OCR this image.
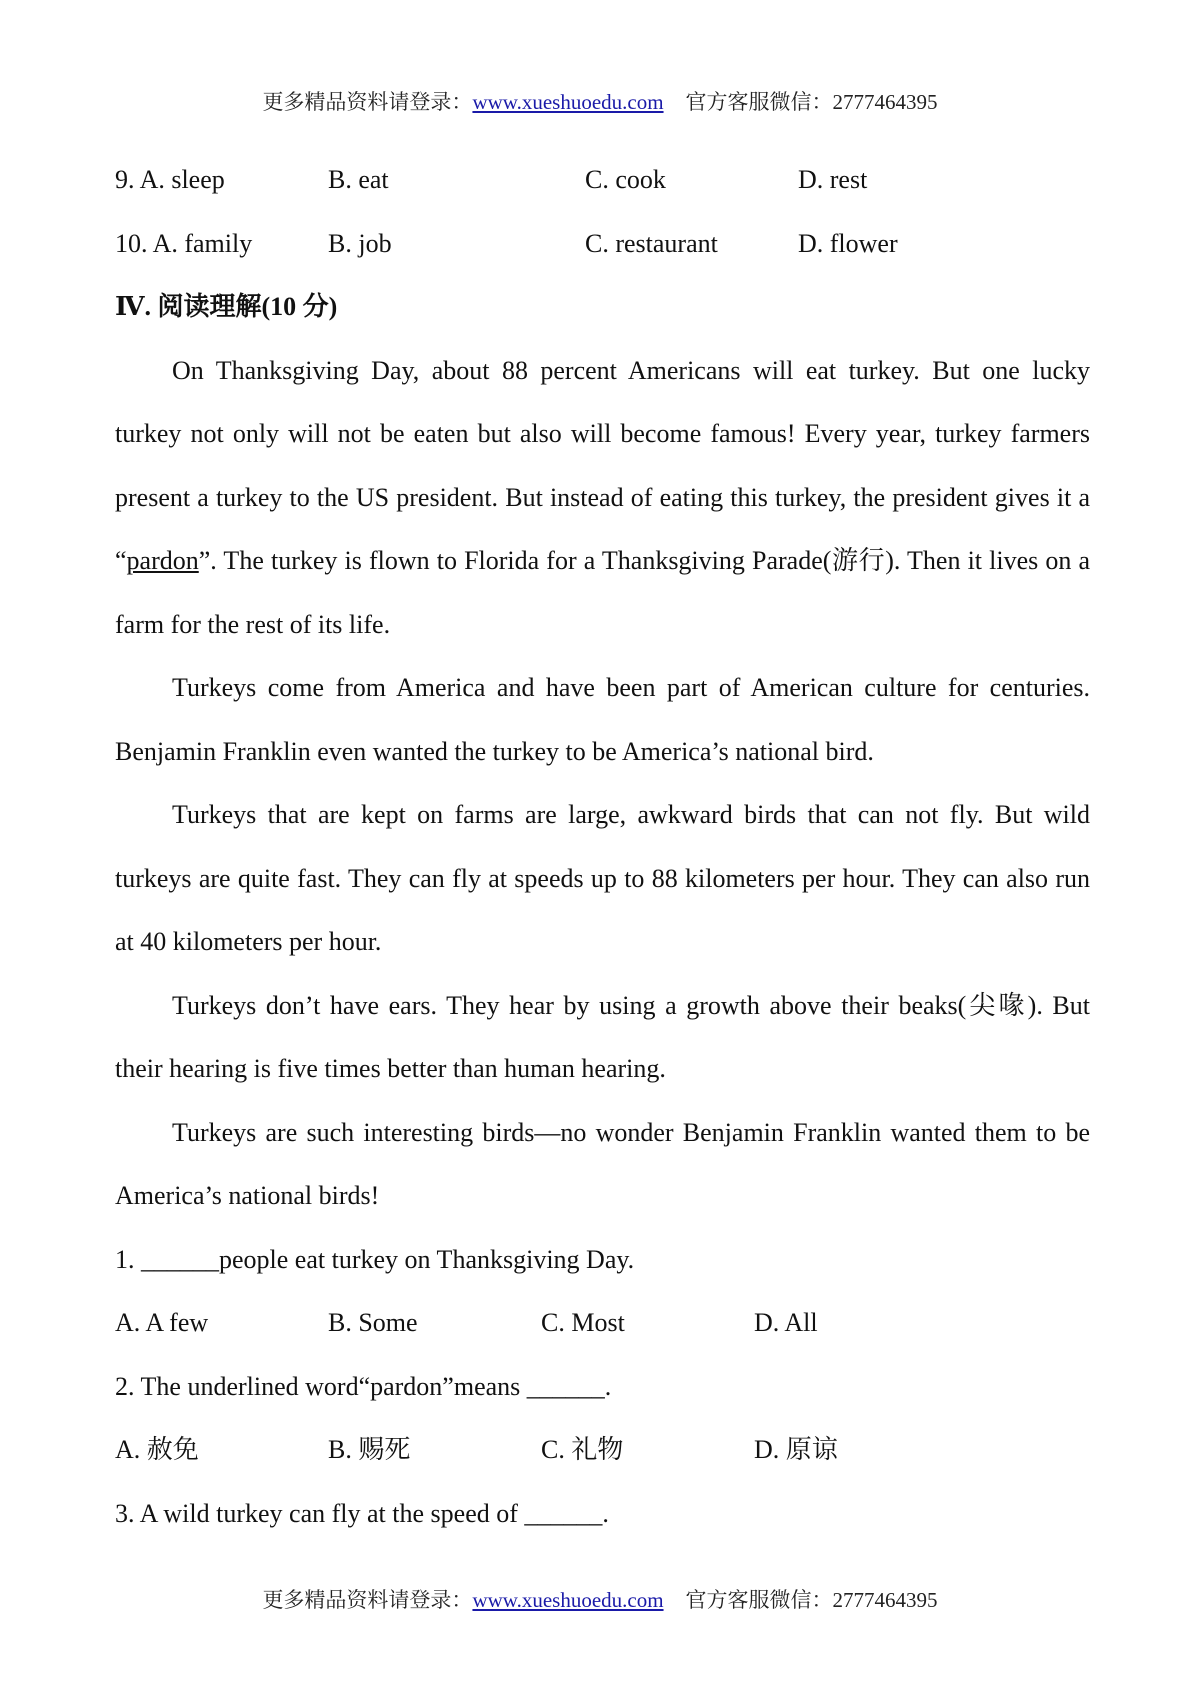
更多精品资料请登录：www.xueshuoedu.com 官方客服微信：2777464395
9. A. sleep	B. eat	C. cook	D. rest
10. A. family	B. job	C. restaurant	D. flower
Ⅳ. 阅读理解(10 分)

On Thanksgiving Day, about 88 percent Americans will eat turkey. But one lucky turkey not only will not be eaten but also will become famous! Every year, turkey farmers present a turkey to the US president. But instead of eating this turkey, the president gives it a “pardon”. The turkey is flown to Florida for a Thanksgiving Parade(游行). Then it lives on a farm for the rest of its life.

Turkeys come from America and have been part of American culture for centuries. Benjamin Franklin even wanted the turkey to be America’s national bird.

Turkeys that are kept on farms are large, awkward birds that can not fly. But wild turkeys are quite fast. They can fly at speeds up to 88 kilometers per hour. They can also run at 40 kilometers per hour.

Turkeys don’t have ears. They hear by using a growth above their beaks(尖喙). But their hearing is five times better than human hearing.

Turkeys are such interesting birds—no wonder Benjamin Franklin wanted them to be America’s national birds!

1. ______people eat turkey on Thanksgiving Day.
A. A few	B. Some	C. Most	D. All
2. The underlined word“pardon”means ______.
A. 赦免	B. 赐死	C. 礼物	D. 原谅
3. A wild turkey can fly at the speed of ______.
更多精品资料请登录：www.xueshuoedu.com 官方客服微信：2777464395
